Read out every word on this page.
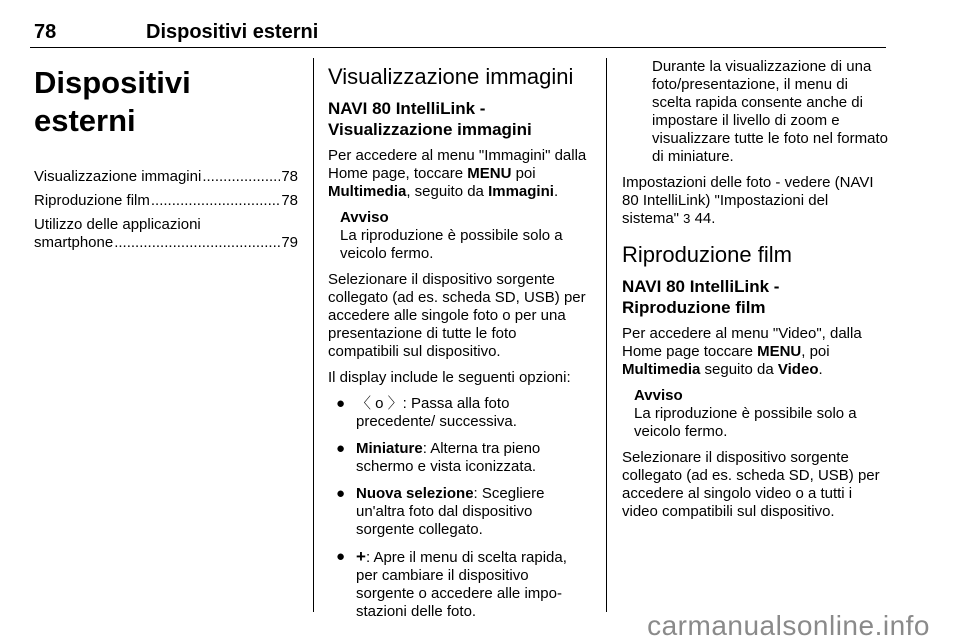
78	Dispositivi esterni
Dispositivi esterni
Visualizzazione immagini .....	78
Riproduzione film .....	78
Utilizzo delle applicazioni
smartphone .....	79
Visualizzazione immagini
NAVI 80 IntelliLink - Visualizzazione immagini

Per accedere al menu "Immagini" dalla Home page, toccare MENU poi Multimedia, seguito da Immagini.

Avviso
La riproduzione è possibile solo a veicolo fermo.

Selezionare il dispositivo sorgente collegato (ad es. scheda SD, USB) per accedere alle singole foto o per una presentazione di tutte le foto compatibili sul dispositivo.

Il display include le seguenti opzioni:

● 〈 o 〉: Passa alla foto precedente/ successiva.
● Miniature: Alterna tra pieno schermo e vista iconizzata.
● Nuova selezione: Scegliere un'altra foto dal dispositivo sorgente collegato.
● +: Apre il menu di scelta rapida, per cambiare il dispositivo sorgente o accedere alle impo- stazioni delle foto.

Durante la visualizzazione di una foto/presentazione, il menu di scelta rapida consente anche di impostare il livello di zoom e visualizzare tutte le foto nel formato di miniature.

Impostazioni delle foto - vedere (NAVI 80 IntelliLink) "Impostazioni del sistema" 3 44.

Riproduzione film
NAVI 80 IntelliLink - Riproduzione film

Per accedere al menu "Video", dalla Home page toccare MENU, poi Multimedia seguito da Video.

Avviso
La riproduzione è possibile solo a veicolo fermo.

Selezionare il dispositivo sorgente collegato (ad es. scheda SD, USB) per accedere al singolo video o a tutti i video compatibili sul dispositivo.

carmanualsonline.info
